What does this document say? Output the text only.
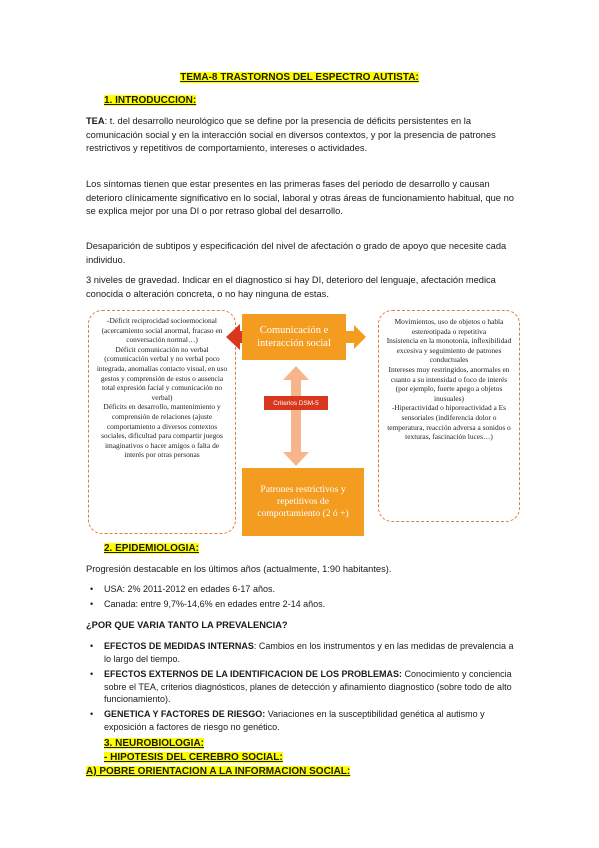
TEMA-8 TRASTORNOS DEL ESPECTRO AUTISTA:
1. INTRODUCCION:
TEA: t. del desarrollo neurológico que se define por la presencia de déficits persistentes en la comunicación social y en la interacción social en diversos contextos, y por la presencia de patrones restrictivos y repetitivos de comportamiento, intereses o actividades.
Los síntomas tienen que estar presentes en las primeras fases del periodo de desarrollo y causan deterioro clínicamente significativo en lo social, laboral y otras áreas de funcionamiento habitual, que no se explica mejor por una DI o por retraso global del desarrollo.
Desaparición de subtipos y especificación del nivel de afectación o grado de apoyo que necesite cada individuo.
3 niveles de gravedad. Indicar en el diagnostico si hay DI, deterioro del lenguaje, afectación medica conocida o alteración concreta, o no hay ninguna de estas.
-Déficit reciprocidad socioemocional (acercamiento social anormal, fracaso en conversación normal…)
Déficit comunicación no verbal (comunicación verbal y no verbal poco integrada, anomalías contacto visual, en uso gestos y comprensión de estos o ausencia total expresión facial y comunicación no verbal)
Déficits en desarrollo, mantenimiento y comprensión de relaciones (ajuste comportamiento a diversos contextos sociales, dificultad para compartir juegos imaginativos o hacer amigos o falta de interés por otras personas
Comunicación e interacción social
Criterios DSM-5
Patrones restrictivos y repetitivos de comportamiento (2 ó +)
Movimientos, uso de objetos o habla estereotipada o repetitiva
Insistencia en la monotonía, inflexibilidad excesiva y seguimiento de patrones conductuales
Intereses muy restringidos, anormales en cuanto a su intensidad o foco de interés (por ejemplo, fuerte apego a objetos inusuales)
-Hiperactividad o hiporeactividad a Es sensoriales (indiferencia dolor o temperatura, reacción adversa a sonidos o texturas, fascinación luces…)
2. EPIDEMIOLOGIA:
Progresión destacable en los últimos años (actualmente, 1:90 habitantes).
• USA: 2% 2011-2012 en edades 6-17 años.
• Canada: entre 9,7%-14,6% en edades entre 2-14 años.
¿POR QUE VARIA TANTO LA PREVALENCIA?
• EFECTOS DE MEDIDAS INTERNAS: Cambios en los instrumentos y en las medidas de prevalencia a lo largo del tiempo.
• EFECTOS EXTERNOS DE LA IDENTIFICACION DE LOS PROBLEMAS: Conocimiento y conciencia sobre el TEA, criterios diagnósticos, planes de detección y afinamiento diagnostico (sobre todo de alto funcionamiento).
• GENETICA Y FACTORES DE RIESGO: Variaciones en la susceptibilidad genética al autismo y exposición a factores de riesgo no genético.
3. NEUROBIOLOGIA:
- HIPOTESIS DEL CEREBRO SOCIAL:
A) POBRE ORIENTACION A LA INFORMACION SOCIAL:
